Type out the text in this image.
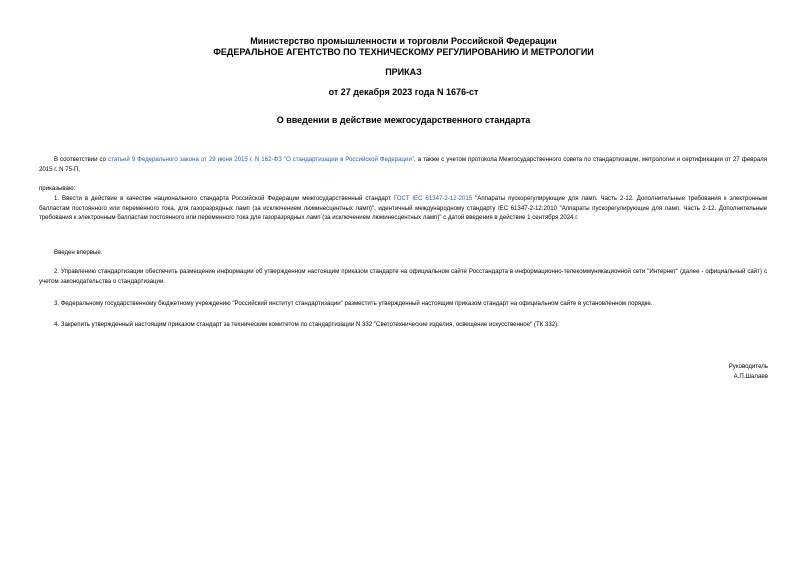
Министерство промышленности и торговли Российской Федерации
ФЕДЕРАЛЬНОЕ АГЕНТСТВО ПО ТЕХНИЧЕСКОМУ РЕГУЛИРОВАНИЮ И МЕТРОЛОГИИ
ПРИКАЗ
от 27 декабря 2023 года N 1676-ст
О введении в действие межгосударственного стандарта

В соответствии со статьей 9 Федерального закона от 29 июня 2015 г. N 162-ФЗ "О стандартизации в Российской Федерации", а также с учетом протокола Межгосударственного совета по стандартизации, метрологии и сертификации от 27 февраля 2015 г. N 75-П,

приказываю:

1. Ввести в действие в качестве национального стандарта Российской Федерации межгосударственный стандарт ГОСТ IEC 61347-2-12-2015 "Аппараты пускорегулирующие для ламп. Часть 2-12. Дополнительные требования к электронным балластам постоянного или переменного тока, для газоразрядных ламп (за исключением люминесцентных ламп)", идентичный международному стандарту IEC 61347-2-12:2010 "Аппараты пускорегулирующие для ламп. Часть 2-12. Дополнительные требования к электронным балластам постоянного или переменного тока для газоразрядных ламп (за исключением люминесцентных ламп)" с датой введения в действие 1 сентября 2024 г.

Введен впервые.

2. Управлению стандартизации обеспечить размещение информации об утвержденном настоящим приказом стандарте на официальном сайте Росстандарта в информационно-телекоммуникационной сети "Интернет" (далее - официальный сайт) с учетом законодательства о стандартизации.

3. Федеральному государственному бюджетному учреждению "Российский институт стандартизации" разместить утвержденный настоящим приказом стандарт на официальном сайте в установленном порядке.

4. Закрепить утвержденный настоящим приказом стандарт за техническим комитетом по стандартизации N 332 "Светотехнические изделия, освещение искусственное" (ТК 332).

Руководитель
А.П.Шалаев
